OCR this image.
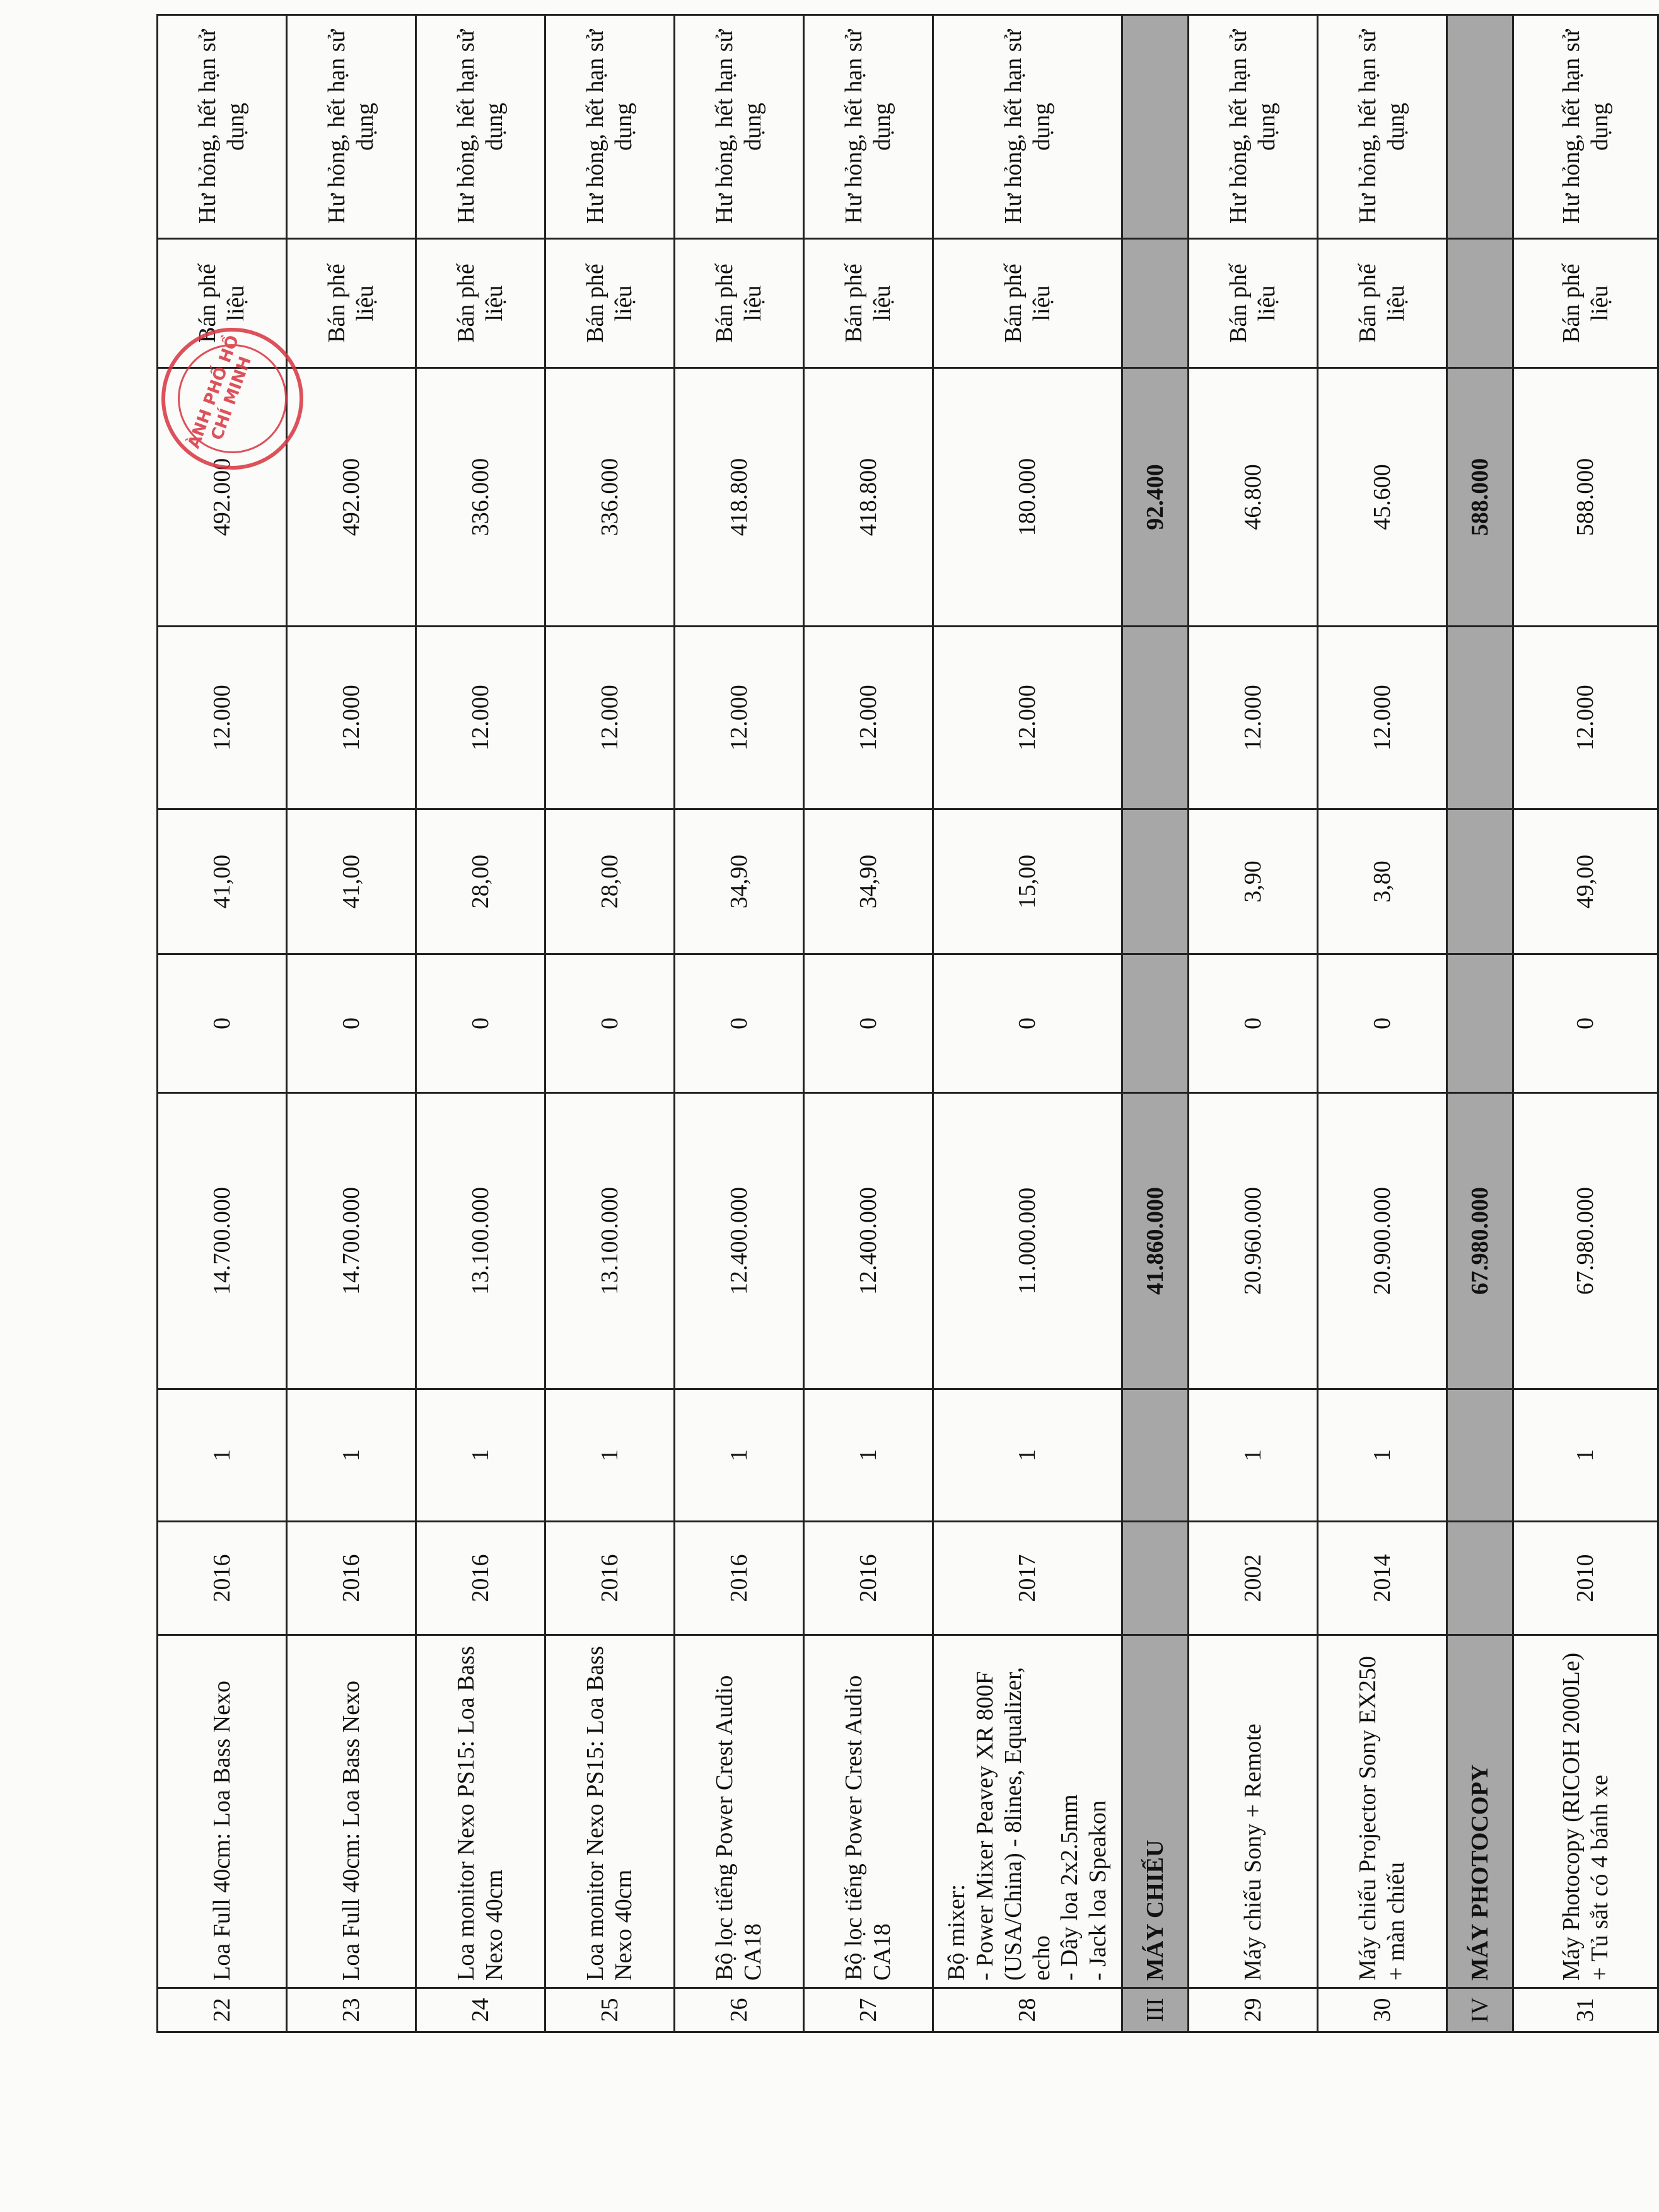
22	Loa Full 40cm: Loa Bass Nexo	2016	1	14.700.000	0	41,00	12.000	492.000	Bán phế liệu	Hư hỏng, hết hạn sử dụng
23	Loa Full 40cm: Loa Bass Nexo	2016	1	14.700.000	0	41,00	12.000	492.000	Bán phế liệu	Hư hỏng, hết hạn sử dụng
24	Loa monitor Nexo PS15: Loa Bass Nexo 40cm	2016	1	13.100.000	0	28,00	12.000	336.000	Bán phế liệu	Hư hỏng, hết hạn sử dụng
25	Loa monitor Nexo PS15: Loa Bass Nexo 40cm	2016	1	13.100.000	0	28,00	12.000	336.000	Bán phế liệu	Hư hỏng, hết hạn sử dụng
26	Bộ lọc tiếng Power Crest Audio CA18	2016	1	12.400.000	0	34,90	12.000	418.800	Bán phế liệu	Hư hỏng, hết hạn sử dụng
27	Bộ lọc tiếng Power Crest Audio CA18	2016	1	12.400.000	0	34,90	12.000	418.800	Bán phế liệu	Hư hỏng, hết hạn sử dụng
28	Bộ mixer:
- Power Mixer Peavey XR 800F (USA/China) - 8lines, Equalizer, echo
- Dây loa 2x2.5mm
- Jack loa Speakon	2017	1	11.000.000	0	15,00	12.000	180.000	Bán phế liệu	Hư hỏng, hết hạn sử dụng
III	MÁY CHIẾU			41.860.000				92.400		
29	Máy chiếu Sony + Remote	2002	1	20.960.000	0	3,90	12.000	46.800	Bán phế liệu	Hư hỏng, hết hạn sử dụng
30	Máy chiếu Projector Sony EX250 + màn chiếu	2014	1	20.900.000	0	3,80	12.000	45.600	Bán phế liệu	Hư hỏng, hết hạn sử dụng
IV	MÁY PHOTOCOPY			67.980.000				588.000		
31	Máy Photocopy (RICOH 2000Le) + Tủ sắt có 4 bánh xe	2010	1	67.980.000	0	49,00	12.000	588.000	Bán phế liệu	Hư hỏng, hết hạn sử dụng
ÀNH PHỐ HỒ CHÍ MINH
